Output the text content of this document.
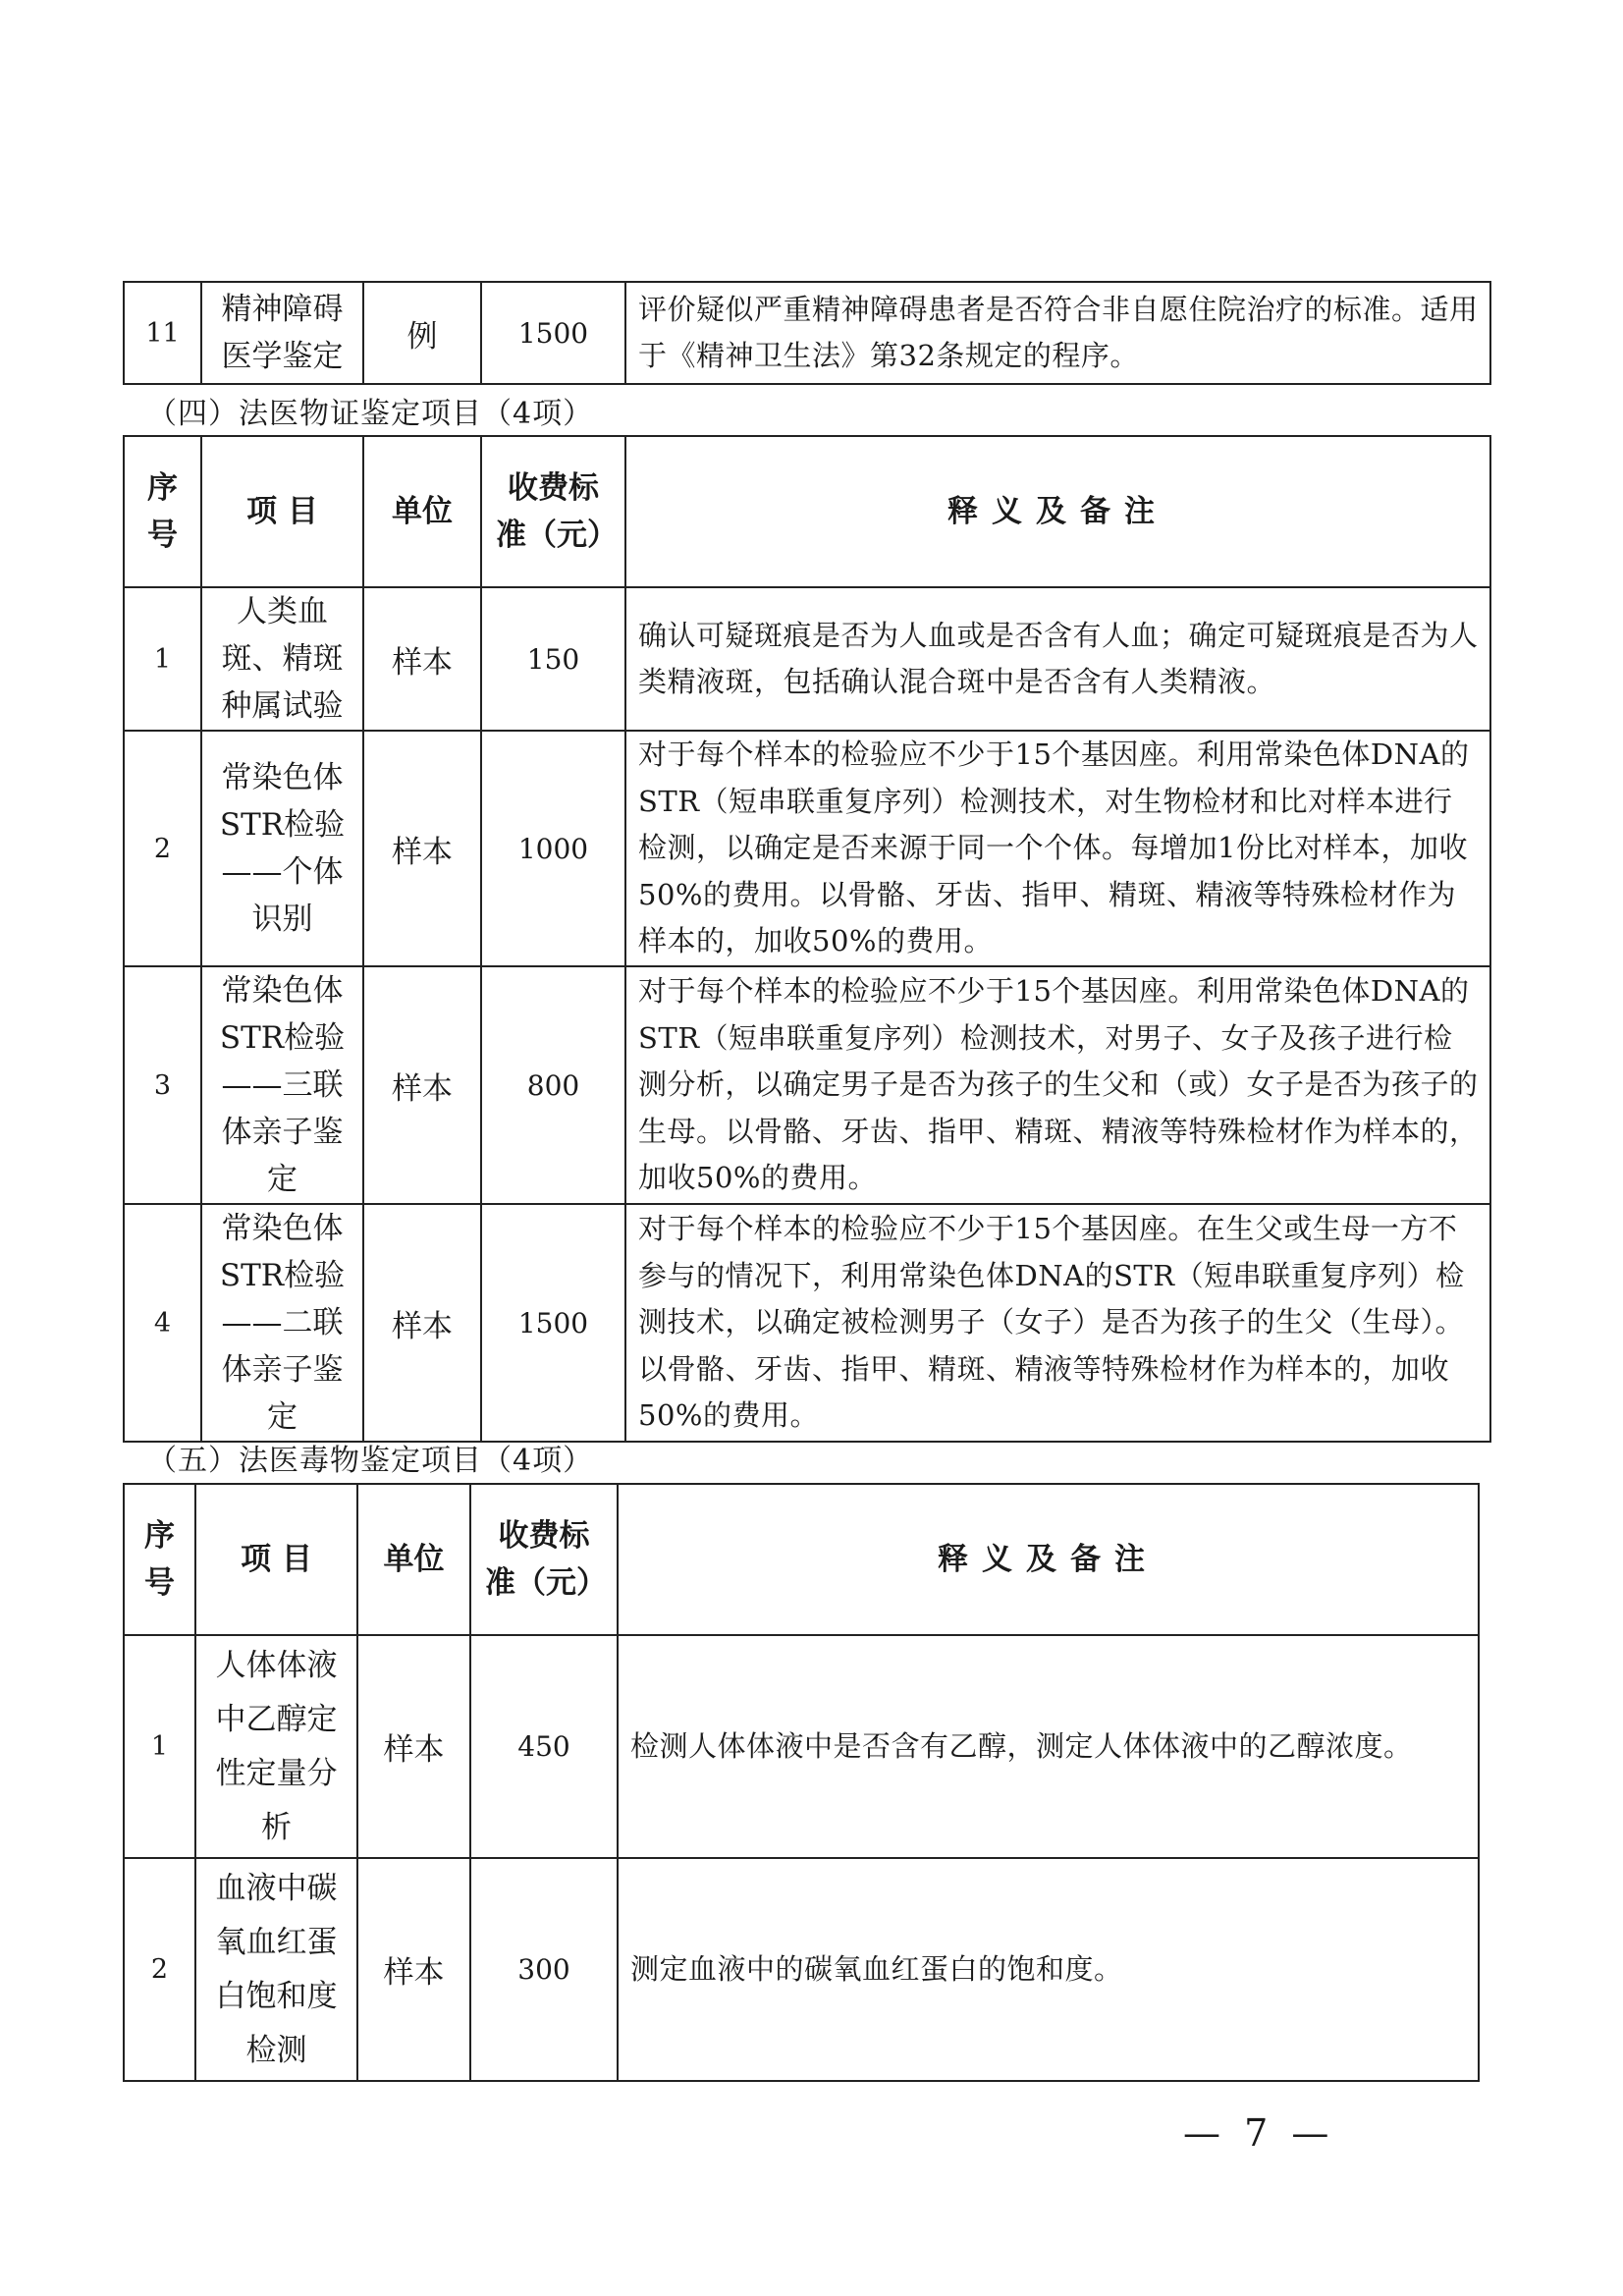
11	精神障碍医学鉴定	例	1500	评价疑似严重精神障碍患者是否符合非自愿住院治疗的标准。适用于《精神卫生法》第32条规定的程序。
（四）法医物证鉴定项目（4项）
序号	项 目	单位	收费标准（元）	释义及备注
1	人类血斑、精斑种属试验	样本	150	确认可疑斑痕是否为人血或是否含有人血；确定可疑斑痕是否为人类精液斑，包括确认混合斑中是否含有人类精液。
2	常染色体STR检验——个体识别	样本	1000	对于每个样本的检验应不少于15个基因座。利用常染色体DNA的STR（短串联重复序列）检测技术，对生物检材和比对样本进行检测，以确定是否来源于同一个个体。每增加1份比对样本，加收50%的费用。以骨骼、牙齿、指甲、精斑、精液等特殊检材作为样本的，加收50%的费用。
3	常染色体STR检验——三联体亲子鉴定	样本	800	对于每个样本的检验应不少于15个基因座。利用常染色体DNA的STR（短串联重复序列）检测技术，对男子、女子及孩子进行检测分析，以确定男子是否为孩子的生父和（或）女子是否为孩子的生母。以骨骼、牙齿、指甲、精斑、精液等特殊检材作为样本的，加收50%的费用。
4	常染色体STR检验——二联体亲子鉴定	样本	1500	对于每个样本的检验应不少于15个基因座。在生父或生母一方不参与的情况下，利用常染色体DNA的STR（短串联重复序列）检测技术，以确定被检测男子（女子）是否为孩子的生父（生母）。以骨骼、牙齿、指甲、精斑、精液等特殊检材作为样本的，加收50%的费用。
（五）法医毒物鉴定项目（4项）
序号	项 目	单位	收费标准（元）	释义及备注
1	人体体液中乙醇定性定量分析	样本	450	检测人体体液中是否含有乙醇，测定人体体液中的乙醇浓度。
2	血液中碳氧血红蛋白饱和度检测	样本	300	测定血液中的碳氧血红蛋白的饱和度。
— 7 —
